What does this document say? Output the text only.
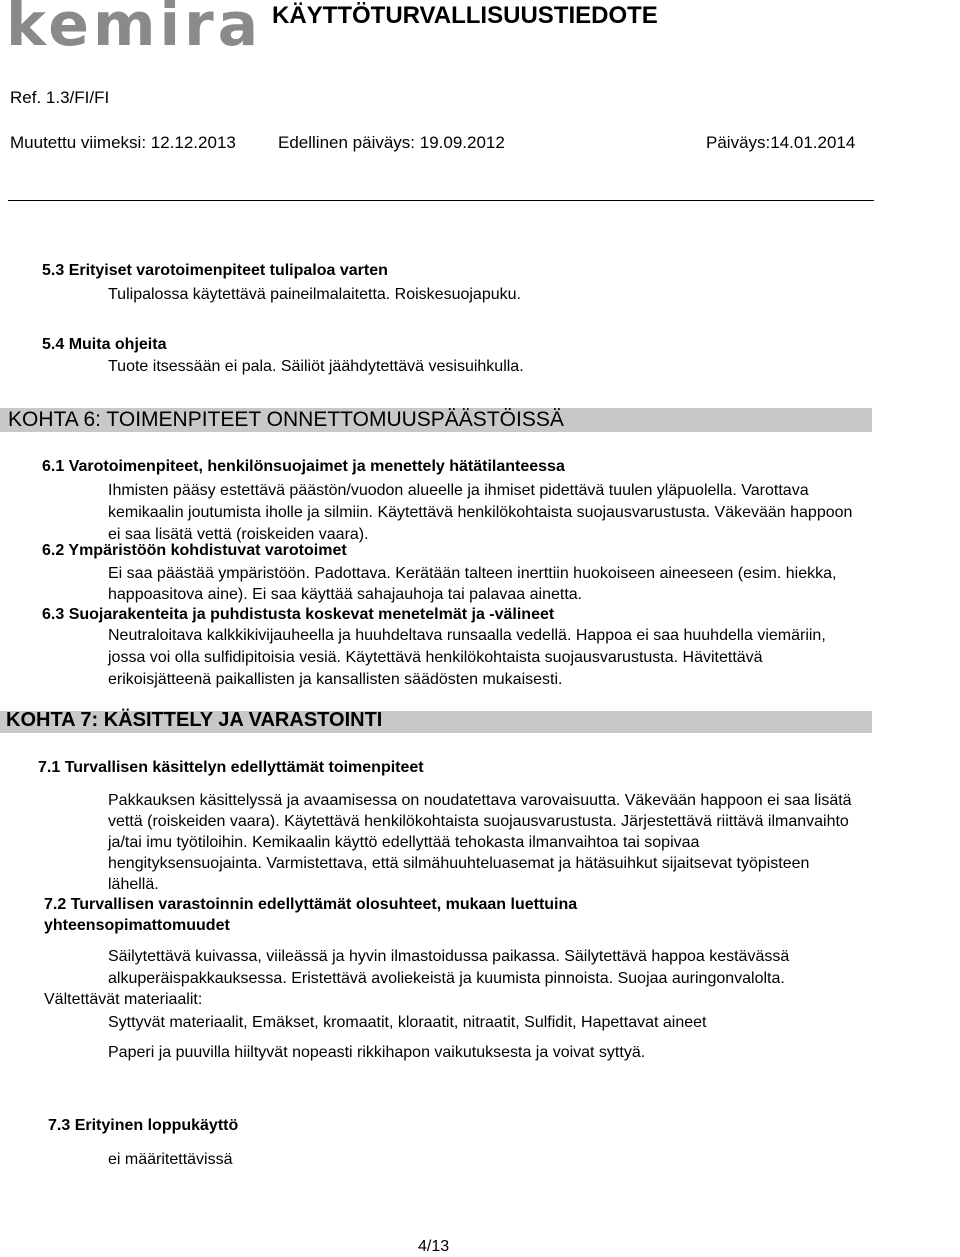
kemira KÄYTTÖTURVALLISUUSTIEDOTE
Ref. 1.3/FI/FI
Muutettu viimeksi: 12.12.2013 Edellinen päiväys: 19.09.2012	Päiväys:14.01.2014
5.3 Erityiset varotoimenpiteet tulipaloa varten
Tulipalossa käytettävä paineilmalaitetta. Roiskesuojapuku.
5.4 Muita ohjeita
Tuote itsessään ei pala. Säiliöt jäähdytettävä vesisuihkulla.
KOHTA 6: TOIMENPITEET ONNETTOMUUSPÄÄSTÖISSÄ
6.1 Varotoimenpiteet, henkilönsuojaimet ja menettely hätätilanteessa
Ihmisten pääsy estettävä päästön/vuodon alueelle ja ihmiset pidettävä tuulen yläpuolella. Varottava
kemikaalin joutumista iholle ja silmiin. Käytettävä henkilökohtaista suojausvarustusta. Väkevään happoon
ei saa lisätä vettä (roiskeiden vaara).
6.2 Ympäristöön kohdistuvat varotoimet
Ei saa päästää ympäristöön. Padottava. Kerätään talteen inerttiin huokoiseen aineeseen (esim. hiekka,
happoasitova aine). Ei saa käyttää sahajauhoja tai palavaa ainetta.
6.3 Suojarakenteita ja puhdistusta koskevat menetelmät ja -välineet
Neutraloitava kalkkikivijauheella ja huuhdeltava runsaalla vedellä. Happoa ei saa huuhdella viemäriin,
jossa voi olla sulfidipitoisia vesiä. Käytettävä henkilökohtaista suojausvarustusta. Hävitettävä
erikoisjätteenä paikallisten ja kansallisten säädösten mukaisesti.
KOHTA 7: KÄSITTELY JA VARASTOINTI
7.1 Turvallisen käsittelyn edellyttämät toimenpiteet
Pakkauksen käsittelyssä ja avaamisessa on noudatettava varovaisuutta. Väkevään happoon ei saa lisätä
vettä (roiskeiden vaara). Käytettävä henkilökohtaista suojausvarustusta. Järjestettävä riittävä ilmanvaihto
ja/tai imu työtiloihin. Kemikaalin käyttö edellyttää tehokasta ilmanvaihtoa tai sopivaa
hengityksensuojainta. Varmistettava, että silmähuuhteluasemat ja hätäsuihkut sijaitsevat työpisteen
lähellä.
7.2 Turvallisen varastoinnin edellyttämät olosuhteet, mukaan luettuina
yhteensopimattomuudet
Säilytettävä kuivassa, viileässä ja hyvin ilmastoidussa paikassa. Säilytettävä happoa kestävässä
alkuperäispakkauksessa. Eristettävä avoliekeistä ja kuumista pinnoista. Suojaa auringonvalolta.
Vältettävät materiaalit:
Syttyvät materiaalit, Emäkset, kromaatit, kloraatit, nitraatit, Sulfidit, Hapettavat aineet
Paperi ja puuvilla hiiltyvät nopeasti rikkihapon vaikutuksesta ja voivat syttyä.
7.3 Erityinen loppukäyttö
ei määritettävissä
4/13
